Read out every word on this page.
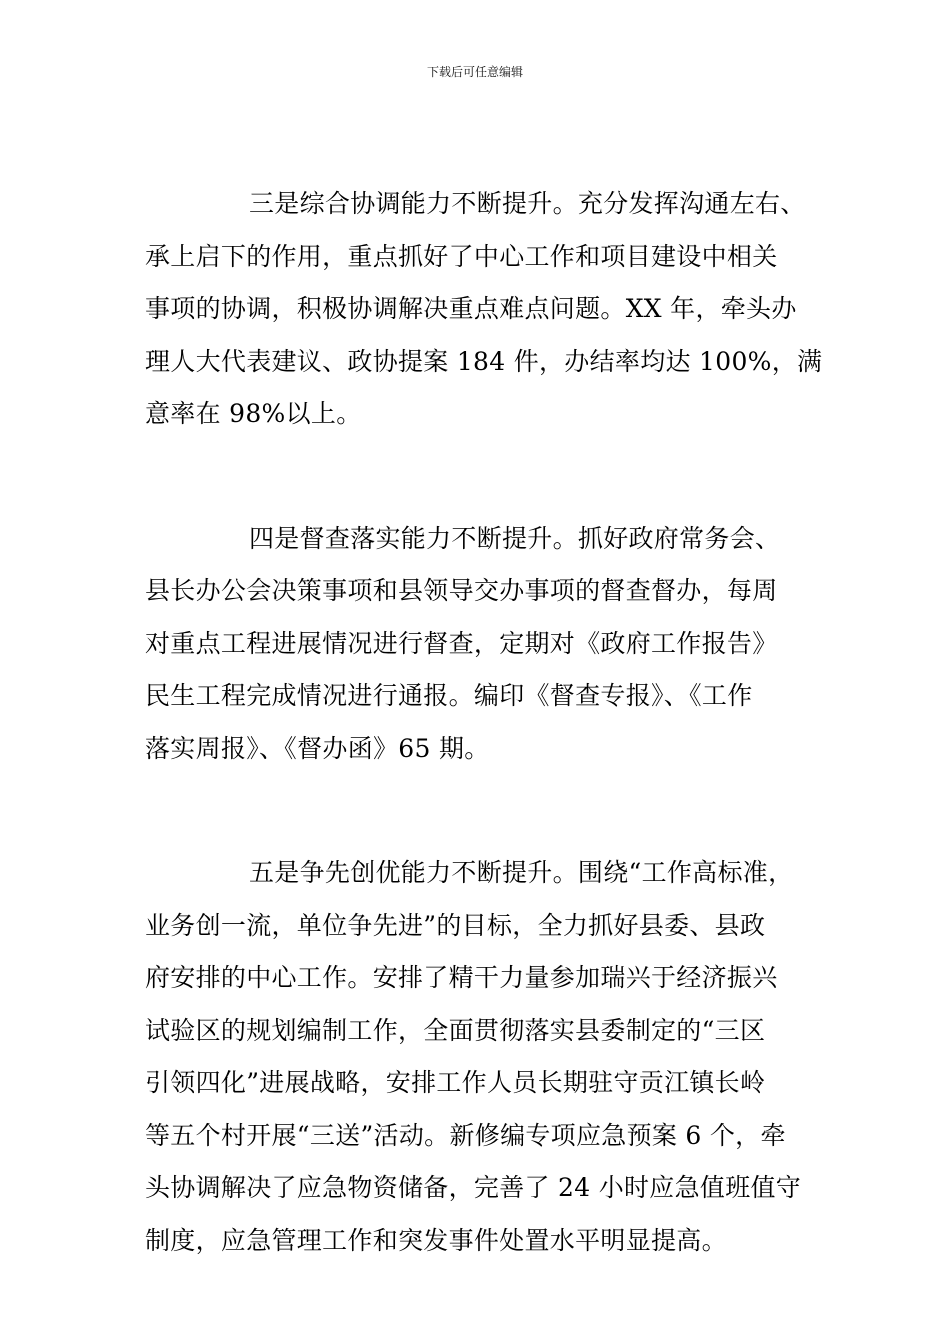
下载后可任意编辑

三是综合协调能力不断提升。充分发挥沟通左右、
承上启下的作用，重点抓好了中心工作和项目建设中相关
事项的协调，积极协调解决重点难点问题。XX 年，牵头办
理人大代表建议、政协提案 184 件，办结率均达 100%，满
意率在 98%以上。

四是督查落实能力不断提升。抓好政府常务会、
县长办公会决策事项和县领导交办事项的督查督办，每周
对重点工程进展情况进行督查，定期对《政府工作报告》
民生工程完成情况进行通报。编印《督查专报》、《工作
落实周报》、《督办函》65 期。

五是争先创优能力不断提升。围绕“工作高标准，
业务创一流，单位争先进”的目标，全力抓好县委、县政
府安排的中心工作。安排了精干力量参加瑞兴于经济振兴
试验区的规划编制工作，全面贯彻落实县委制定的“三区
引领四化”进展战略，安排工作人员长期驻守贡江镇长岭
等五个村开展“三送”活动。新修编专项应急预案 6 个，牵
头协调解决了应急物资储备，完善了 24 小时应急值班值守
制度，应急管理工作和突发事件处置水平明显提高。
